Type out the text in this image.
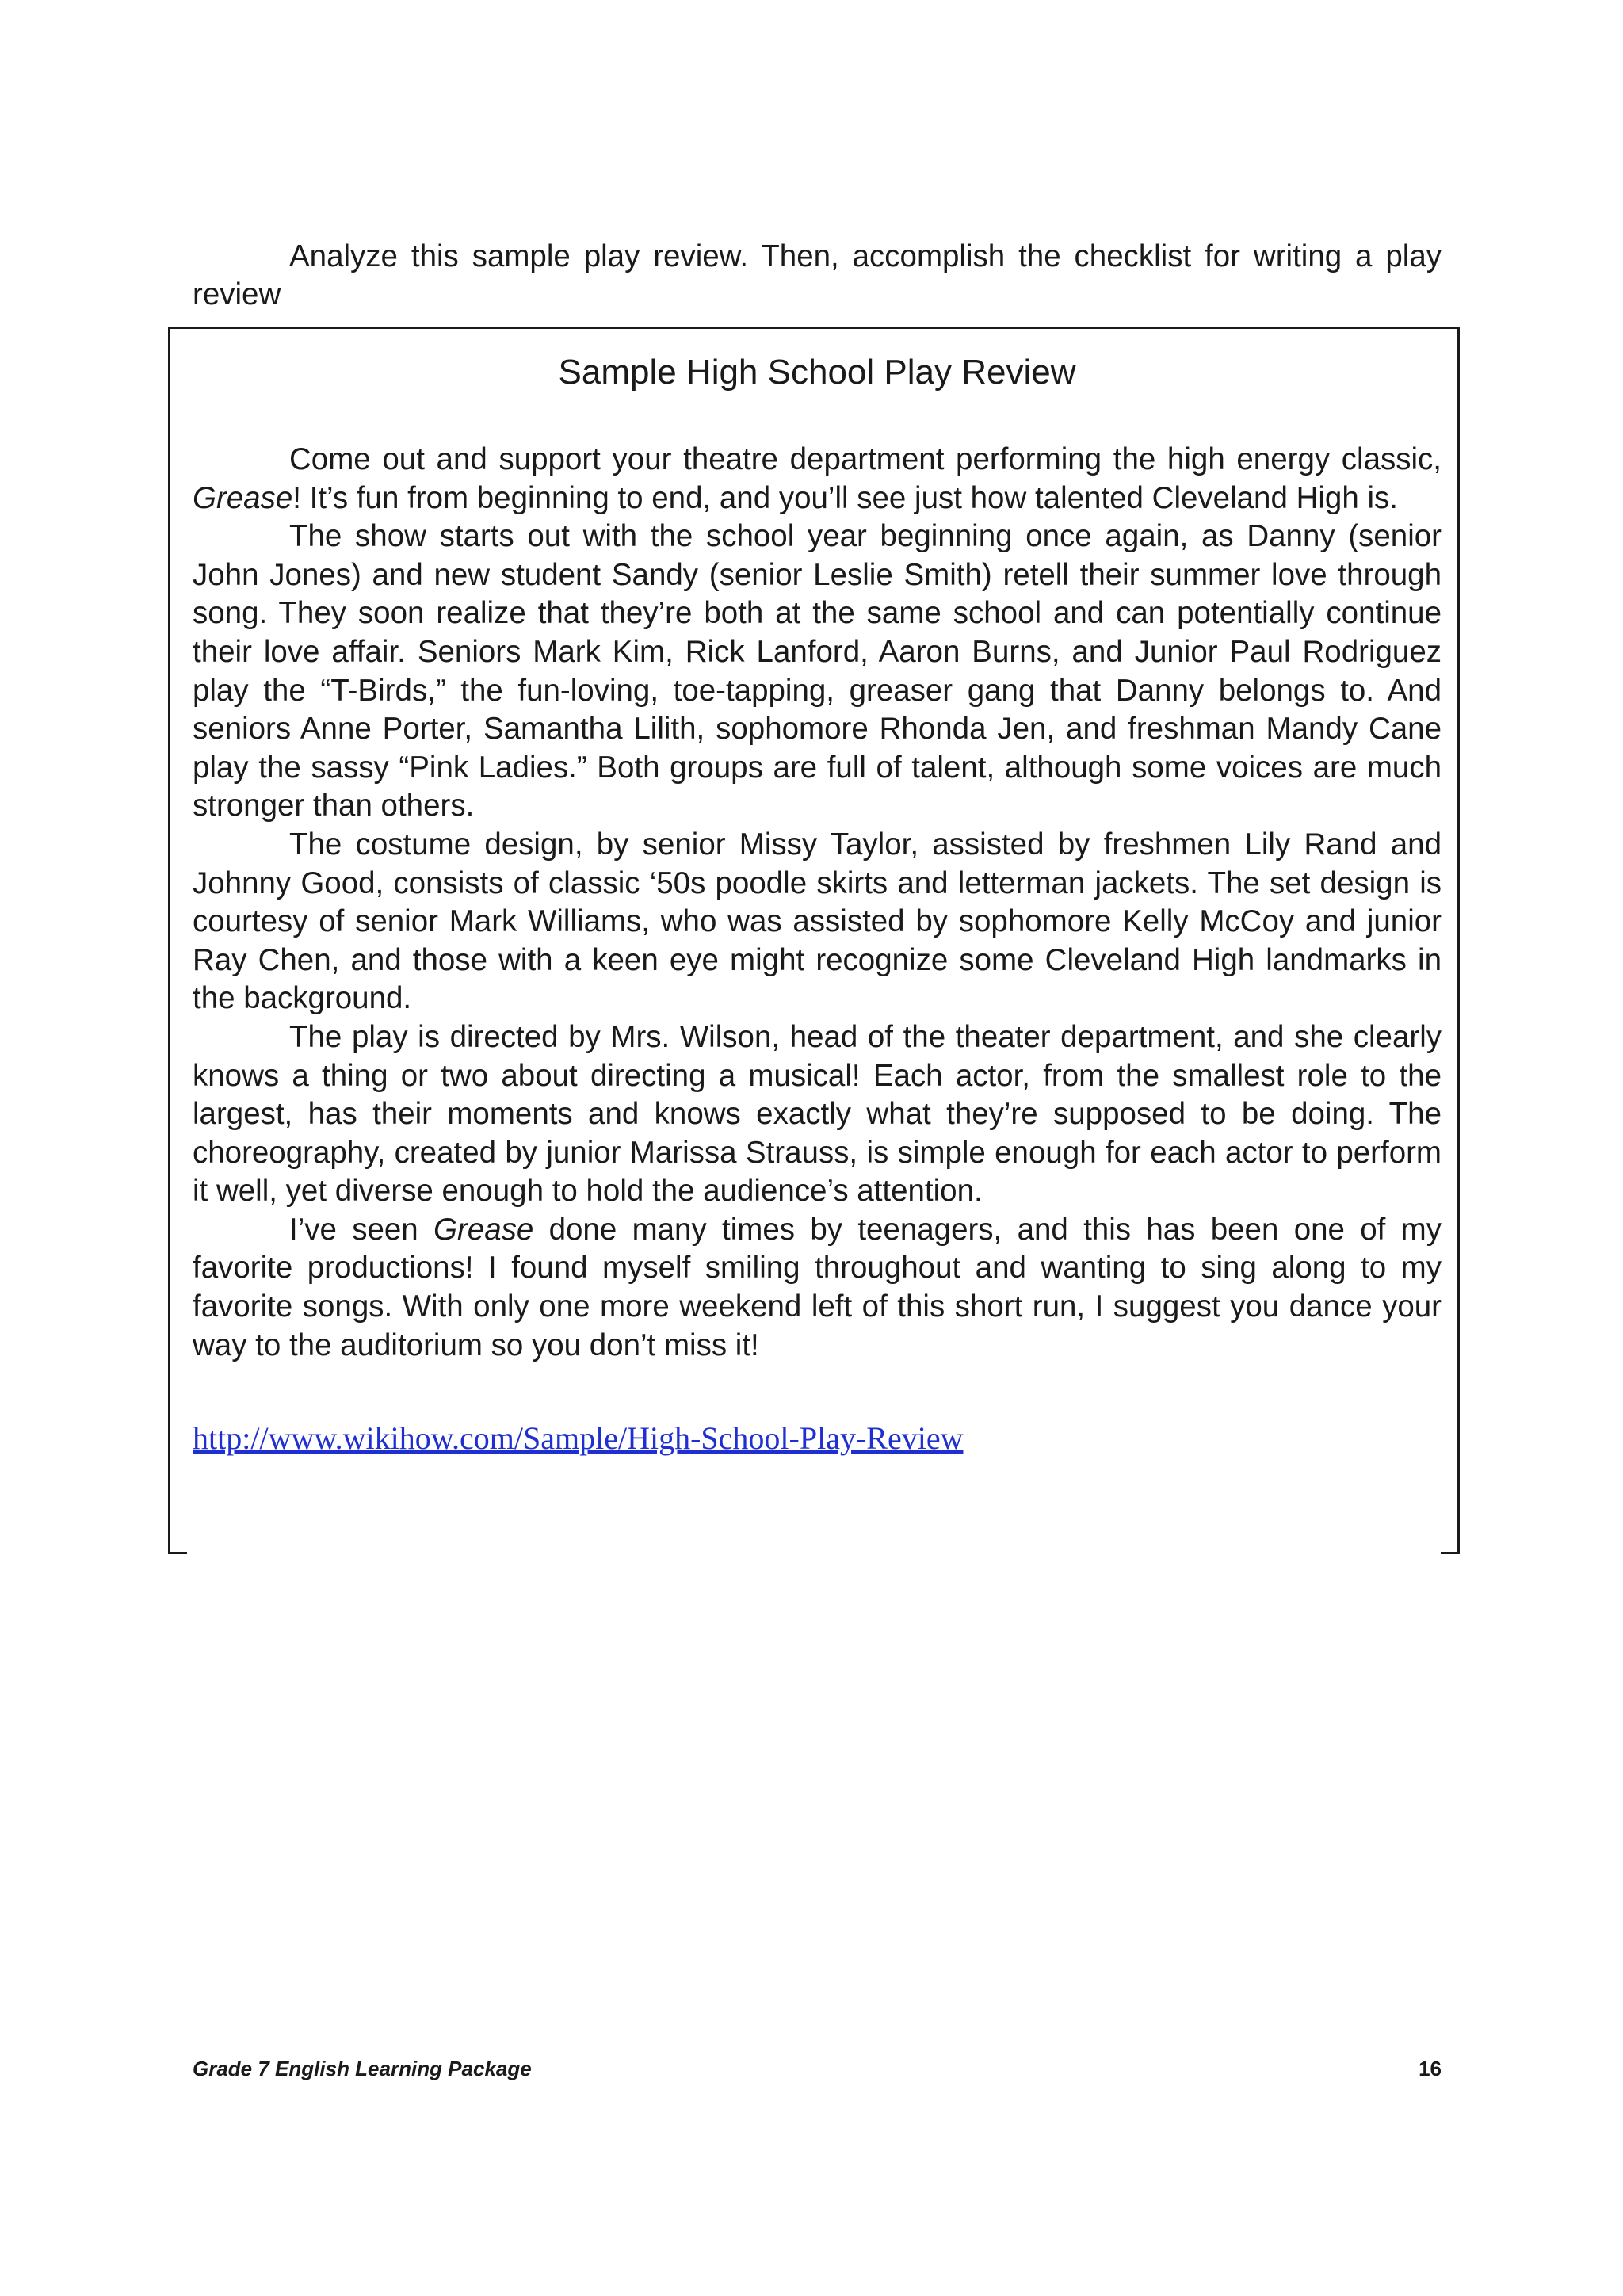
Analyze this sample play review. Then, accomplish the checklist for writing a play review

Sample High School Play Review

Come out and support your theatre department performing the high energy classic, Grease! It’s fun from beginning to end, and you’ll see just how talented Cleveland High is.

The show starts out with the school year beginning once again, as Danny (senior John Jones) and new student Sandy (senior Leslie Smith) retell their summer love through song. They soon realize that they’re both at the same school and can potentially continue their love affair. Seniors Mark Kim, Rick Lanford, Aaron Burns, and Junior Paul Rodriguez play the “T-Birds,” the fun-loving, toe-tapping, greaser gang that Danny belongs to. And seniors Anne Porter, Samantha Lilith, sophomore Rhonda Jen, and freshman Mandy Cane play the sassy “Pink Ladies.” Both groups are full of talent, although some voices are much stronger than others.

The costume design, by senior Missy Taylor, assisted by freshmen Lily Rand and Johnny Good, consists of classic ‘50s poodle skirts and letterman jackets. The set design is courtesy of senior Mark Williams, who was assisted by sophomore Kelly McCoy and junior Ray Chen, and those with a keen eye might recognize some Cleveland High landmarks in the background.

The play is directed by Mrs. Wilson, head of the theater department, and she clearly knows a thing or two about directing a musical! Each actor, from the smallest role to the largest, has their moments and knows exactly what they’re supposed to be doing. The choreography, created by junior Marissa Strauss, is simple enough for each actor to perform it well, yet diverse enough to hold the audience’s attention.

I’ve seen Grease done many times by teenagers, and this has been one of my favorite productions! I found myself smiling throughout and wanting to sing along to my favorite songs. With only one more weekend left of this short run, I suggest you dance your way to the auditorium so you don’t miss it!

http://www.wikihow.com/Sample/High-School-Play-Review
Grade 7 English Learning Package	16
